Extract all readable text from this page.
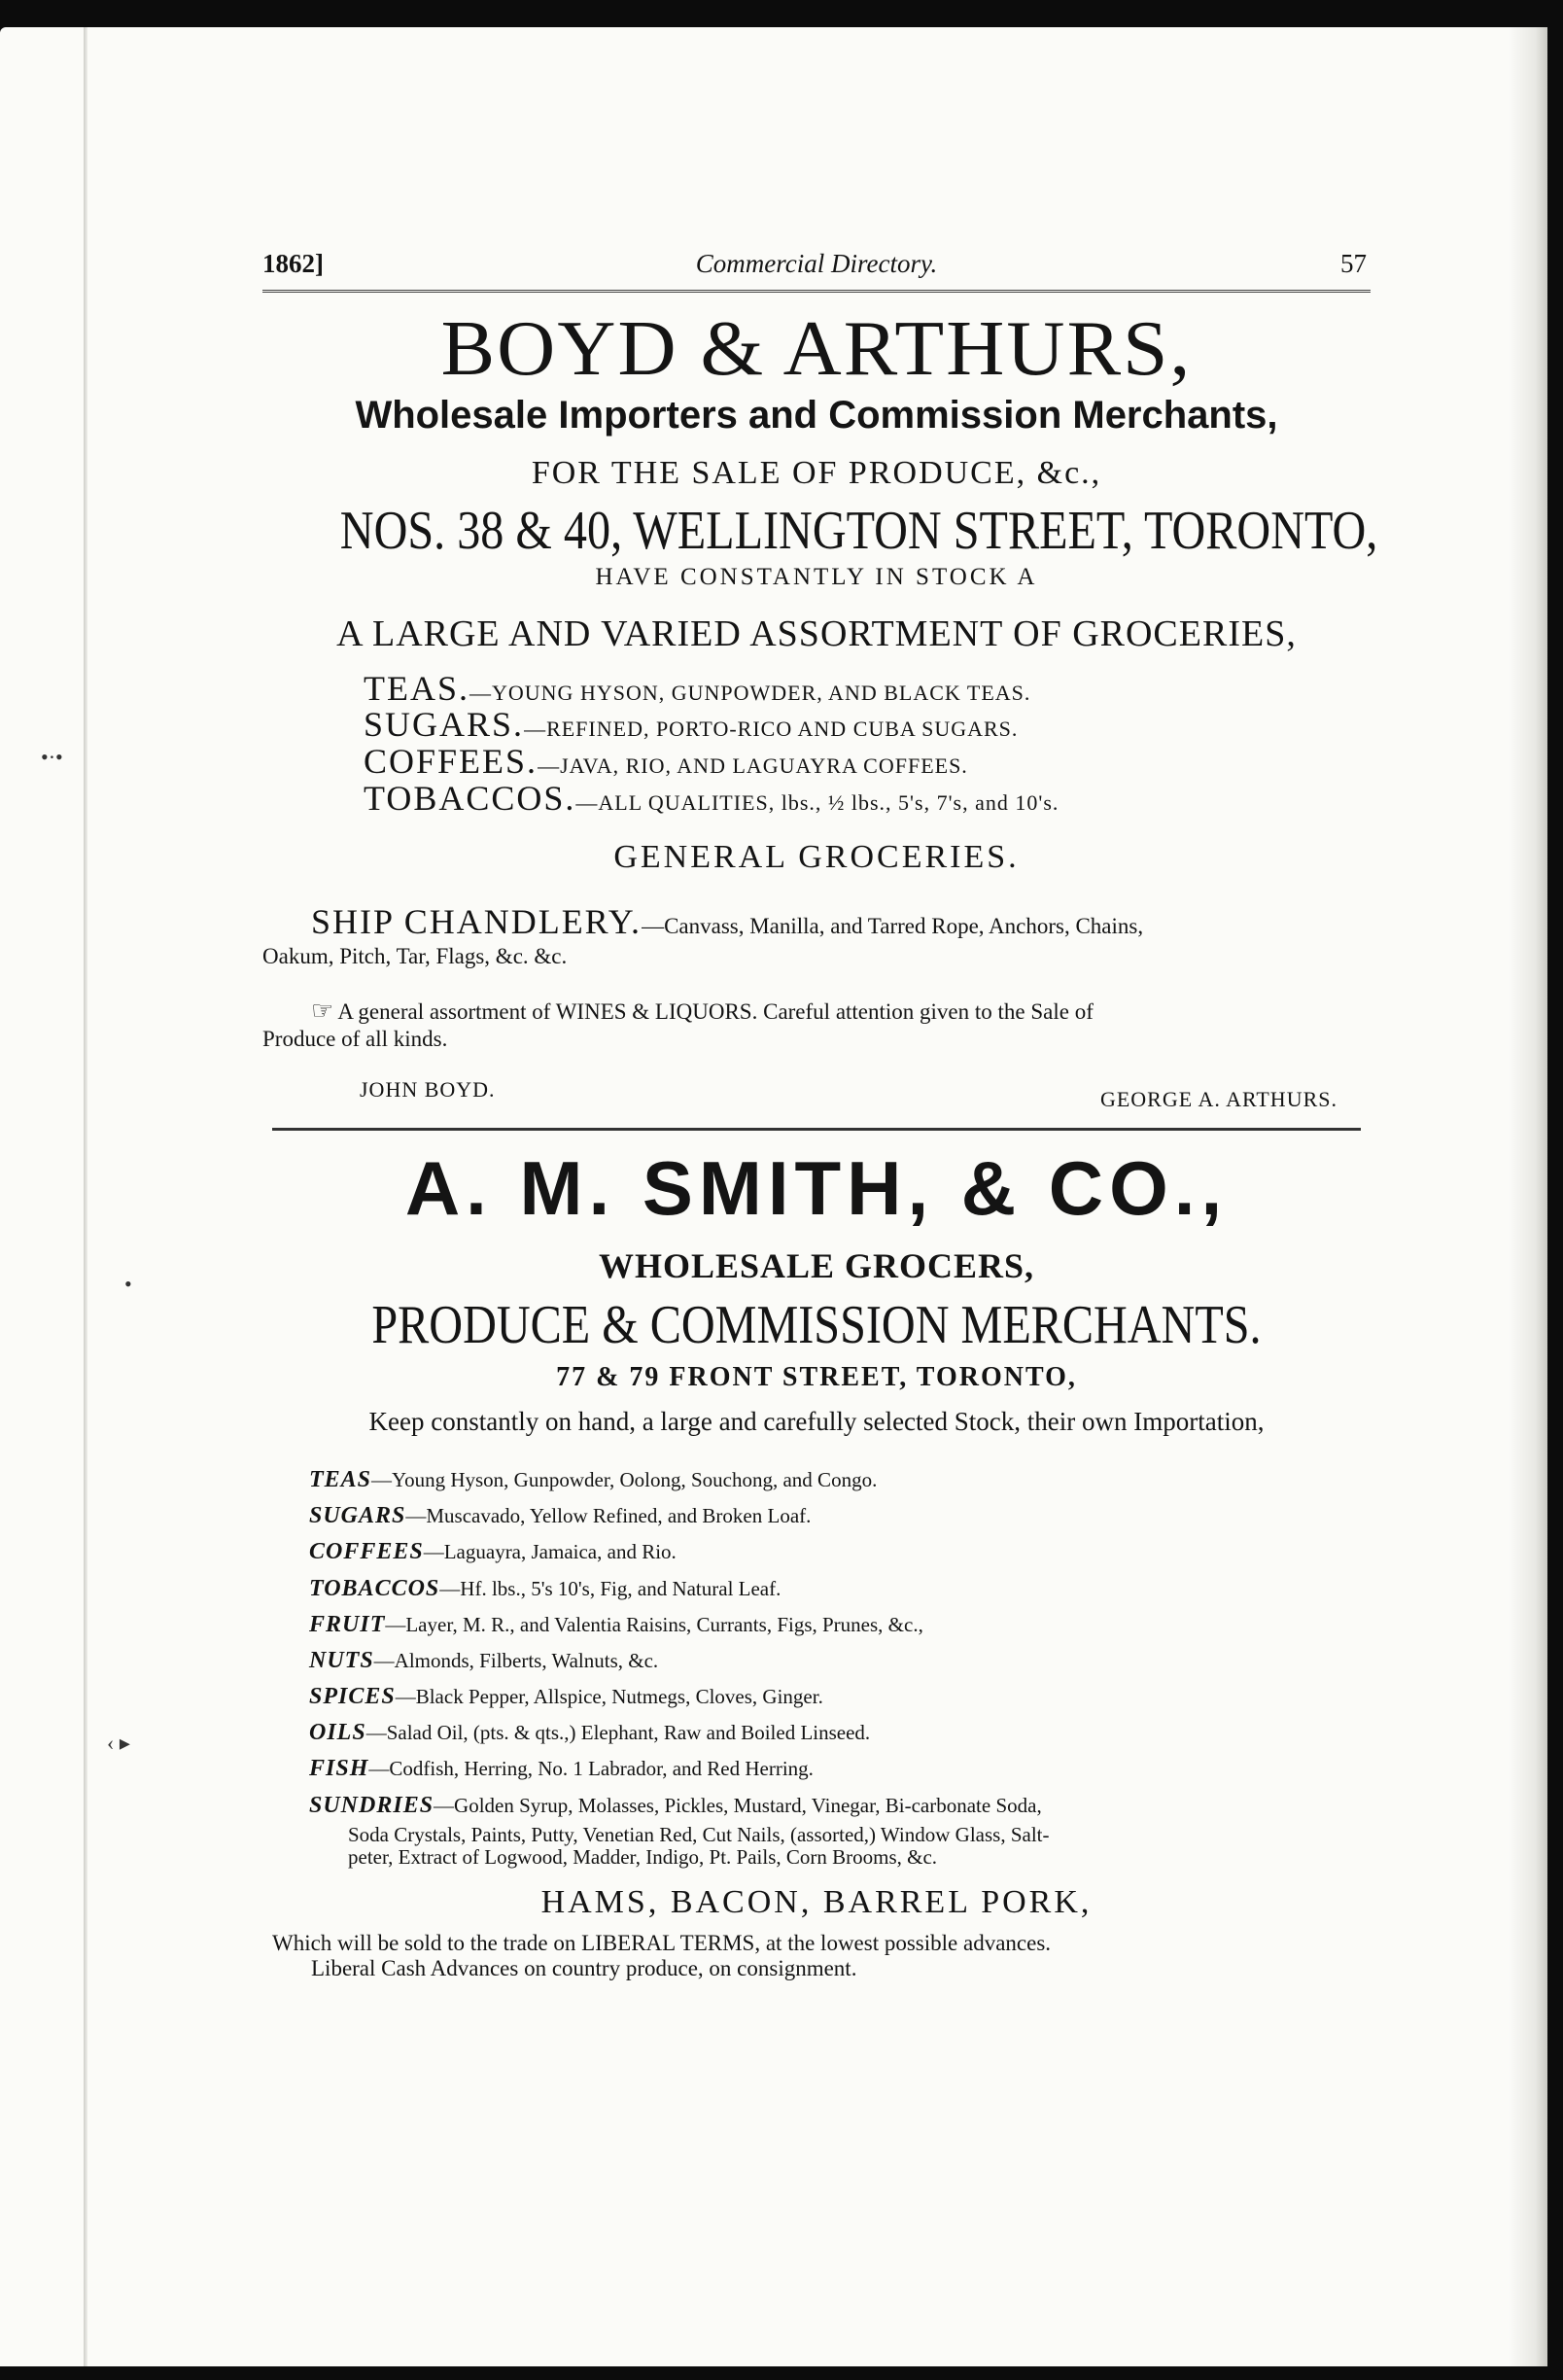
•·•
•
‹ ▸
1862]	Commercial Directory.	57
BOYD & ARTHURS,
Wholesale Importers and Commission Merchants,
FOR THE SALE OF PRODUCE, &c.,
NOS. 38 & 40, WELLINGTON STREET, TORONTO,
HAVE CONSTANTLY IN STOCK A
A LARGE AND VARIED ASSORTMENT OF GROCERIES,
TEAS.—YOUNG HYSON, GUNPOWDER, AND BLACK TEAS.
SUGARS.—REFINED, PORTO-RICO AND CUBA SUGARS.
COFFEES.—JAVA, RIO, AND LAGUAYRA COFFEES.
TOBACCOS.—ALL QUALITIES, lbs., ½ lbs., 5's, 7's, and 10's.
GENERAL GROCERIES.
SHIP CHANDLERY.—Canvass, Manilla, and Tarred Rope, Anchors, Chains,
Oakum, Pitch, Tar, Flags, &c. &c.
☞ A general assortment of WINES & LIQUORS. Careful attention given to the Sale of
Produce of all kinds.
JOHN BOYD.	GEORGE A. ARTHURS.
A. M. SMITH, & CO.,
WHOLESALE GROCERS,
PRODUCE & COMMISSION MERCHANTS.
77 & 79 FRONT STREET, TORONTO,
Keep constantly on hand, a large and carefully selected Stock, their own Importation,
TEAS—Young Hyson, Gunpowder, Oolong, Souchong, and Congo.
SUGARS—Muscavado, Yellow Refined, and Broken Loaf.
COFFEES—Laguayra, Jamaica, and Rio.
TOBACCOS—Hf. lbs., 5's 10's, Fig, and Natural Leaf.
FRUIT—Layer, M. R., and Valentia Raisins, Currants, Figs, Prunes, &c.,
NUTS—Almonds, Filberts, Walnuts, &c.
SPICES—Black Pepper, Allspice, Nutmegs, Cloves, Ginger.
OILS—Salad Oil, (pts. & qts.,) Elephant, Raw and Boiled Linseed.
FISH—Codfish, Herring, No. 1 Labrador, and Red Herring.
SUNDRIES—Golden Syrup, Molasses, Pickles, Mustard, Vinegar, Bi-carbonate Soda,
Soda Crystals, Paints, Putty, Venetian Red, Cut Nails, (assorted,) Window Glass, Salt-
peter, Extract of Logwood, Madder, Indigo, Pt. Pails, Corn Brooms, &c.
HAMS, BACON, BARREL PORK,
Which will be sold to the trade on LIBERAL TERMS, at the lowest possible advances.
Liberal Cash Advances on country produce, on consignment.
